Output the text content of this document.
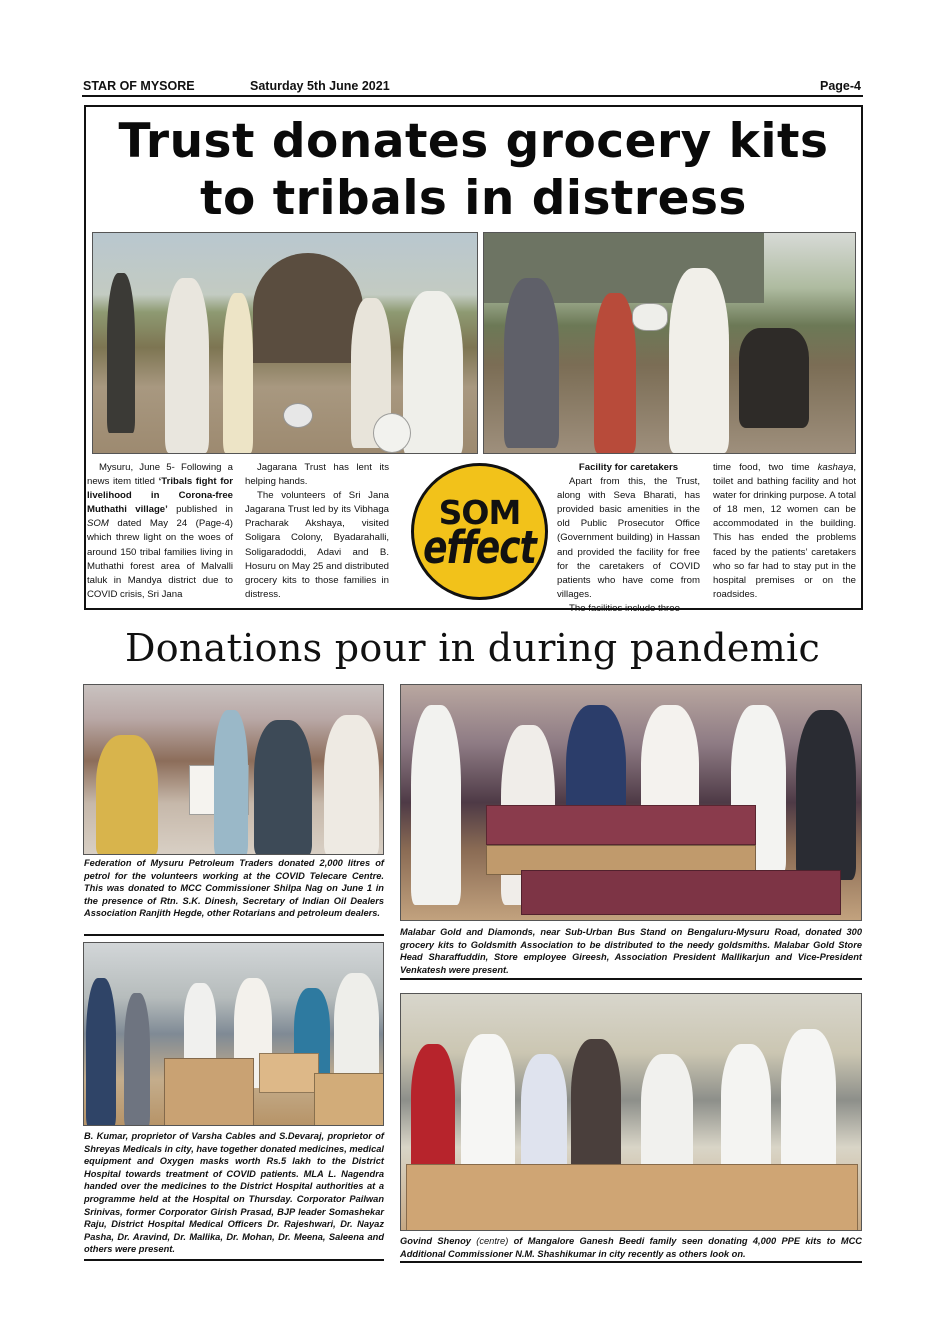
STAR OF MYSORE	Saturday 5th June 2021	Page-4
Trust donates grocery kits
to tribals in distress

Mysuru, June 5- Following a news item titled ‘Tribals fight for livelihood in Corona-free Muthathi village’ published in SOM dated May 24 (Page-4) which threw light on the woes of around 150 tribal families living in Muthathi forest area of Malvalli taluk in Mandya district due to COVID crisis, Sri Jana

Jagarana Trust has lent its helping hands.

The volunteers of Sri Jana Jagarana Trust led by its Vibhaga Pracharak Akshaya, visited Soligara Colony, Byadarahalli, Soligaradoddi, Adavi and B. Hosuru on May 25 and distributed grocery kits to those families in distress.

SOM
effect

Facility for caretakers

Apart from this, the Trust, along with Seva Bharati, has provided basic amenities in the old Public Prosecutor Office (Government building) in Hassan and provided the facility for free for the caretakers of COVID patients who have come from villages.

The facilities include three

time food, two time kashaya, toilet and bathing facility and hot water for drinking purpose. A total of 18 men, 12 women can be accommodated in the building. This has ended the problems faced by the patients’ caretakers who so far had to stay put in the hospital premises or on the roadsides.

Donations pour in during pandemic
Federation of Mysuru Petroleum Traders donated 2,000 litres of petrol for the volunteers working at the COVID Telecare Centre. This was donated to MCC Commissioner Shilpa Nag on June 1 in the presence of Rtn. S.K. Dinesh, Secretary of Indian Oil Dealers Association Ranjith Hegde, other Rotarians and petroleum dealers.
Malabar Gold and Diamonds, near Sub-Urban Bus Stand on Bengaluru-Mysuru Road, donated 300 grocery kits to Goldsmith Association to be distributed to the needy goldsmiths. Malabar Gold Store Head Sharaffuddin, Store employee Gireesh, Association President Mallikarjun and Vice-President Venkatesh were present.
B. Kumar, proprietor of Varsha Cables and S.Devaraj, proprietor of Shreyas Medicals in city, have together donated medicines, medical equipment and Oxygen masks worth Rs.5 lakh to the District Hospital towards treatment of COVID patients. MLA L. Nagendra handed over the medicines to the District Hospital authorities at a programme held at the Hospital on Thursday. Corporator Pailwan Srinivas, former Corporator Girish Prasad, BJP leader Somashekar Raju, District Hospital Medical Officers Dr. Rajeshwari, Dr. Nayaz Pasha, Dr. Aravind, Dr. Mallika, Dr. Mohan, Dr. Meena, Saleena and others were present.
Govind Shenoy (centre) of Mangalore Ganesh Beedi family seen donating 4,000 PPE kits to MCC Additional Commissioner N.M. Shashikumar in city recently as others look on.
